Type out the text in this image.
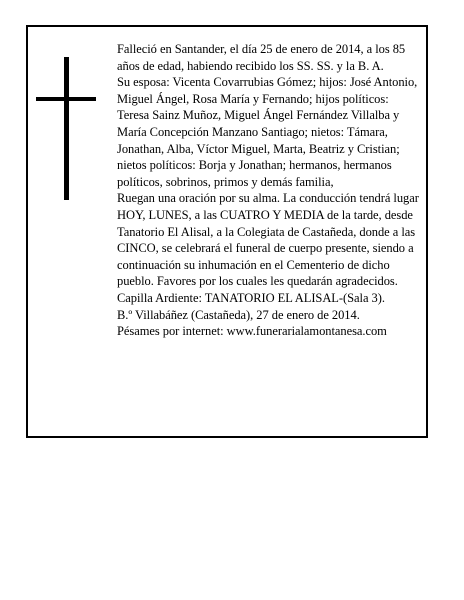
Falleció en Santander, el día 25 de enero de 2014, a los 85 años de edad, habiendo recibido los SS. SS. y la B. A.

Su esposa: Vicenta Covarrubias Gómez; hijos: José Antonio, Miguel Ángel, Rosa María y Fernando; hijos políticos: Teresa Sainz Muñoz, Miguel Ángel Fernández Villalba y María Concepción Manzano Santiago; nietos: Támara, Jonathan, Alba, Víctor Miguel, Marta, Beatriz y Cristian; nietos políticos: Borja y Jonathan; hermanos, hermanos políticos, sobrinos, primos y demás familia,

Ruegan una oración por su alma. La conducción tendrá lugar HOY, LUNES, a las CUATRO Y MEDIA de la tarde, desde Tanatorio El Alisal, a la Colegiata de Castañeda, donde a las CINCO, se celebrará el funeral de cuerpo presente, siendo a continuación su inhumación en el Cementerio de dicho pueblo. Favores por los cuales les quedarán agradecidos. Capilla Ardiente: TANATORIO EL ALISAL-(Sala 3).

B.º Villabáñez (Castañeda), 27 de enero de 2014.

Pésames por internet: www.funerarialamontanesa.com
